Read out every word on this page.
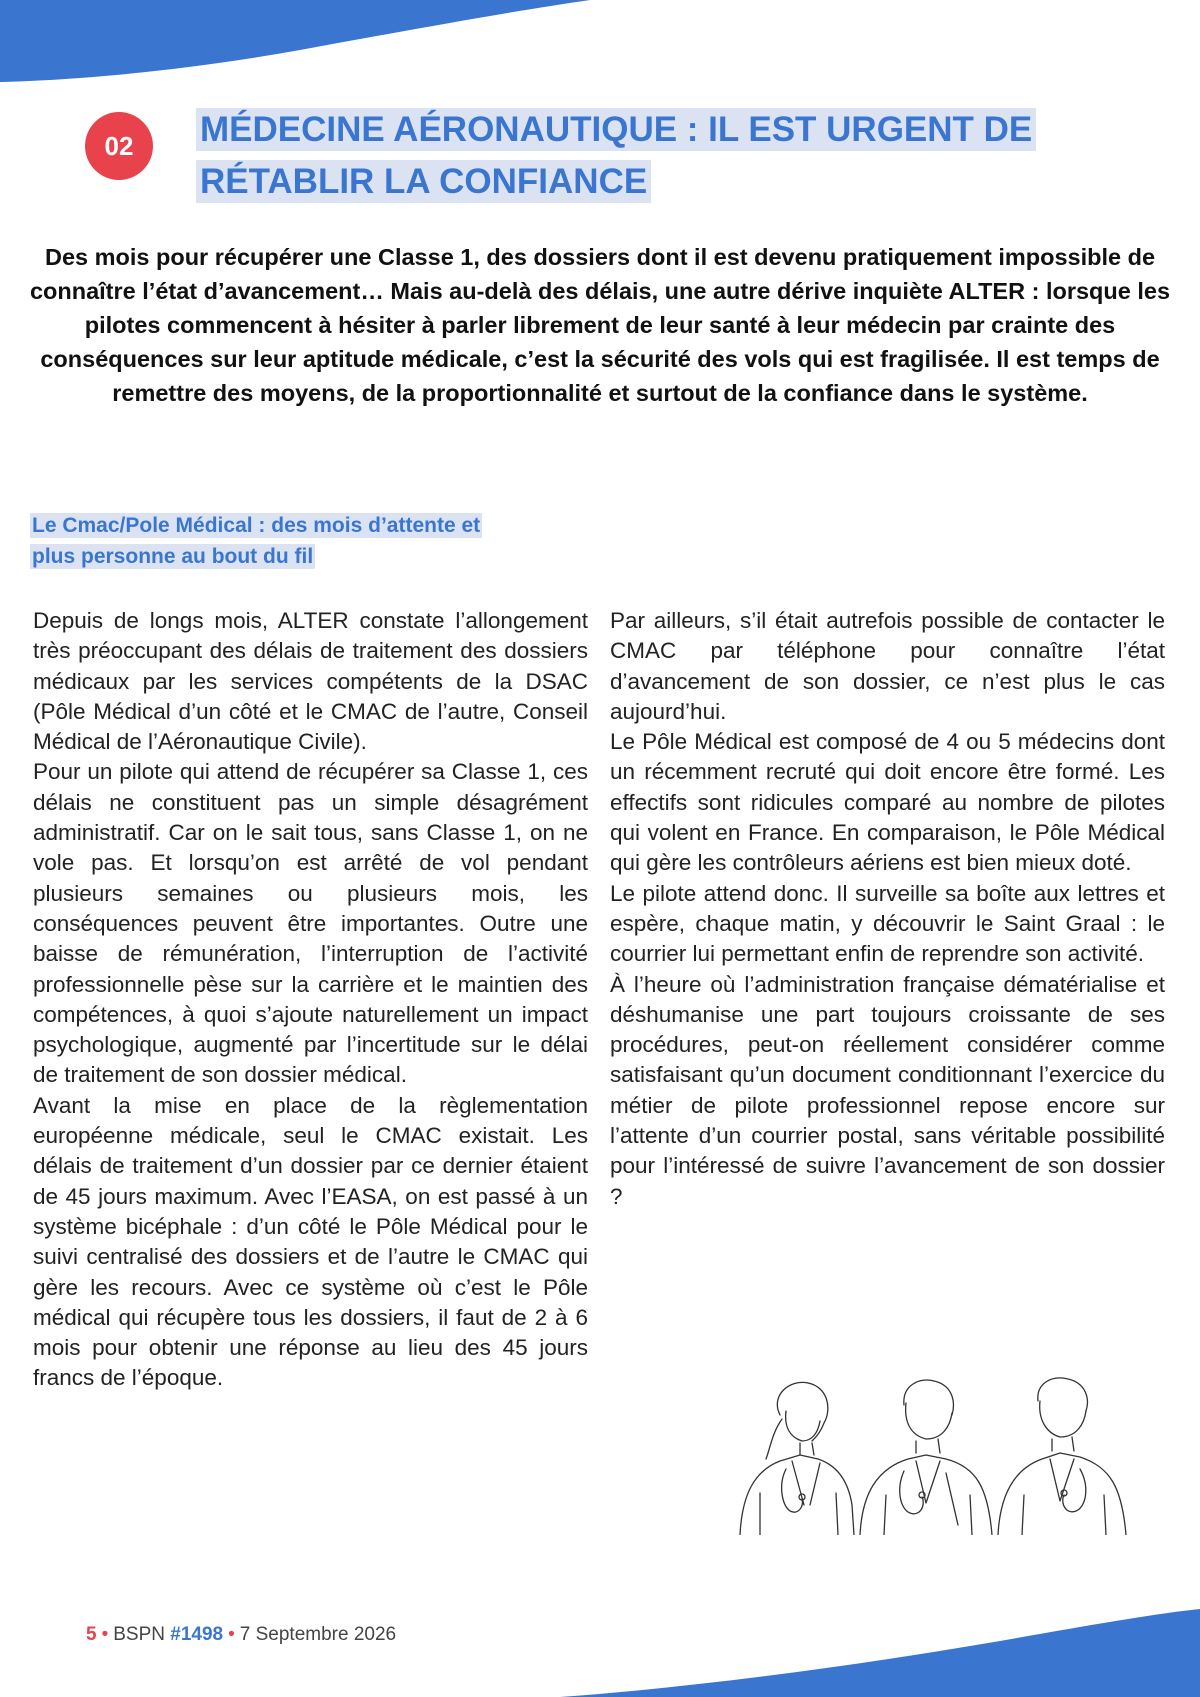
02	MÉDECINE AÉRONAUTIQUE : IL EST URGENT DE
RÉTABLIR LA CONFIANCE

Des mois pour récupérer une Classe 1, des dossiers dont il est devenu pratiquement impossible de connaître l’état d’avancement… Mais au-delà des délais, une autre dérive inquiète ALTER : lorsque les pilotes commencent à hésiter à parler librement de leur santé à leur médecin par crainte des conséquences sur leur aptitude médicale, c’est la sécurité des vols qui est fragilisée. Il est temps de remettre des moyens, de la proportionnalité et surtout de la confiance dans le système.

Le Cmac/Pole Médical : des mois d’attente et
plus personne au bout du fil

Depuis de longs mois, ALTER constate l’allongement très préoccupant des délais de traitement des dossiers médicaux par les services compétents de la DSAC (Pôle Médical d’un côté et le CMAC de l’autre, Conseil Médical de l’Aéronautique Civile).

Pour un pilote qui attend de récupérer sa Classe 1, ces délais ne constituent pas un simple désagrément administratif. Car on le sait tous, sans Classe 1, on ne vole pas. Et lorsqu’on est arrêté de vol pendant plusieurs semaines ou plusieurs mois, les conséquences peuvent être importantes. Outre une baisse de rémunération, l’interruption de l’activité professionnelle pèse sur la carrière et le maintien des compétences, à quoi s’ajoute naturellement un impact psychologique, augmenté par l’incertitude sur le délai de traitement de son dossier médical.

Avant la mise en place de la règlementation européenne médicale, seul le CMAC existait. Les délais de traitement d’un dossier par ce dernier étaient de 45 jours maximum. Avec l’EASA, on est passé à un système bicéphale : d’un côté le Pôle Médical pour le suivi centralisé des dossiers et de l’autre le CMAC qui gère les recours. Avec ce système où c’est le Pôle médical qui récupère tous les dossiers, il faut de 2 à 6 mois pour obtenir une réponse au lieu des 45 jours francs de l’époque.

Par ailleurs, s’il était autrefois possible de contacter le CMAC par téléphone pour connaître l’état d’avancement de son dossier, ce n’est plus le cas aujourd’hui.

Le Pôle Médical est composé de 4 ou 5 médecins dont un récemment recruté qui doit encore être formé. Les effectifs sont ridicules comparé au nombre de pilotes qui volent en France. En comparaison, le Pôle Médical qui gère les contrôleurs aériens est bien mieux doté.

Le pilote attend donc. Il surveille sa boîte aux lettres et espère, chaque matin, y découvrir le Saint Graal : le courrier lui permettant enfin de reprendre son activité.

À l’heure où l’administration française dématérialise et déshumanise une part toujours croissante de ses procédures, peut-on réellement considérer comme satisfaisant qu’un document conditionnant l’exercice du métier de pilote professionnel repose encore sur l’attente d’un courrier postal, sans véritable possibilité pour l’intéressé de suivre l’avancement de son dossier ?

5 • BSPN #1498 • 7 Septembre 2026
